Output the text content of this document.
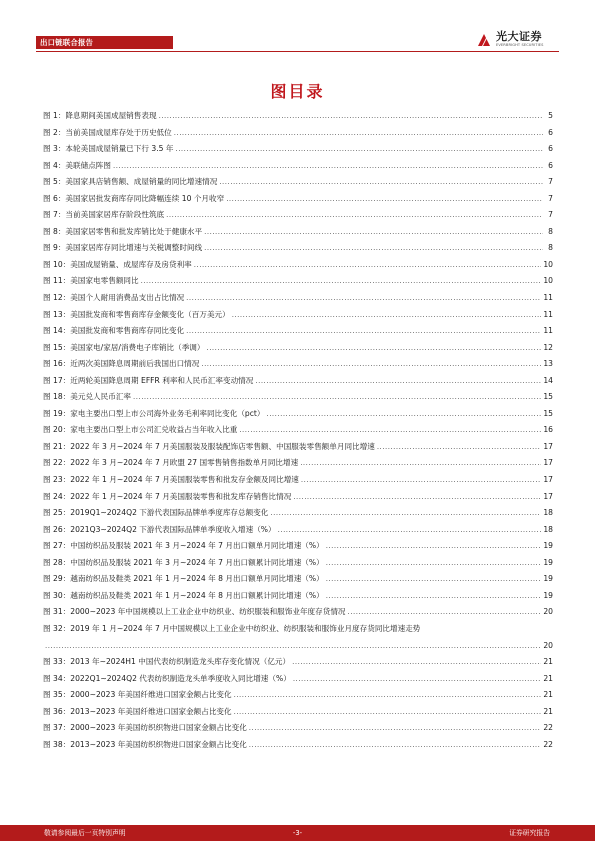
出口链联合报告	光大证券
EVERBRIGHT SECURITIES
图目录
图 1：降息期间美国成屋销售表现 .....	5
图 2：当前美国成屋库存处于历史低位 .....	6
图 3：本轮美国成屋销量已下行 3.5 年 .....	6
图 4：美联储点阵图 .....	6
图 5：美国家具店销售额、成屋销量的同比增速情况 .....	7
图 6：美国家居批发商库存同比降幅连续 10 个月收窄 .....	7
图 7：当前美国家居库存阶段性筑底 .....	7
图 8：美国家居零售和批发库销比处于健康水平 .....	8
图 9：美国家居库存同比增速与关税调整时间线 .....	8
图 10：美国成屋销量、成屋库存及房贷利率 .....	10
图 11：美国家电零售额同比 .....	10
图 12：美国个人耐用消费品支出占比情况 .....	11
图 13：美国批发商和零售商库存金额变化（百万美元） .....	11
图 14：美国批发商和零售商库存同比变化 .....	11
图 15：美国家电/家居/消费电子库销比（季调） .....	12
图 16：近两次美国降息周期前后我国出口情况 .....	13
图 17：近两轮美国降息周期 EFFR 利率和人民币汇率变动情况 .....	14
图 18：美元兑人民币汇率 .....	15
图 19：家电主要出口型上市公司海外业务毛利率同比变化（pct） .....	15
图 20：家电主要出口型上市公司汇兑收益占当年收入比重 .....	16
图 21：2022 年 3 月~2024 年 7 月美国服装及服装配饰店零售额、中国服装零售额单月同比增速 .....	17
图 22：2022 年 3 月~2024 年 7 月欧盟 27 国零售销售指数单月同比增速 .....	17
图 23：2022 年 1 月~2024 年 7 月美国服装零售和批发存金额及同比增速 .....	17
图 24：2022 年 1 月~2024 年 7 月美国服装零售和批发库存销售比情况 .....	17
图 25：2019Q1~2024Q2 下游代表国际品牌单季度库存总额变化 .....	18
图 26：2021Q3~2024Q2 下游代表国际品牌单季度收入增速（%） .....	18
图 27：中国纺织品及服装 2021 年 3 月~2024 年 7 月出口额单月同比增速（%） .....	19
图 28：中国纺织品及服装 2021 年 3 月~2024 年 7 月出口额累计同比增速（%） .....	19
图 29：越南纺织品及鞋类 2021 年 1 月~2024 年 8 月出口额单月同比增速（%） .....	19
图 30：越南纺织品及鞋类 2021 年 1 月~2024 年 8 月出口额累计同比增速（%） .....	19
图 31：2000~2023 年中国规模以上工业企业中纺织业、纺织服装和服饰业年度存货情况 .....	20
图 32：2019 年 1 月~2024 年 7 月中国规模以上工业企业中纺织业、纺织服装和服饰业月度存货同比增速走势
.....
20
图 33：2013 年~2024H1 中国代表纺织制造龙头库存变化情况（亿元） .....	21
图 34：2022Q1~2024Q2 代表纺织制造龙头单季度收入同比增速（%） .....	21
图 35：2000~2023 年美国纤维进口国家金额占比变化 .....	21
图 36：2013~2023 年美国纤维进口国家金额占比变化 .....	21
图 37：2000~2023 年美国纺织织物进口国家金额占比变化 .....	22
图 38：2013~2023 年美国纺织织物进口国家金额占比变化 .....	22
敬请参阅最后一页特别声明	-3-	证券研究报告
